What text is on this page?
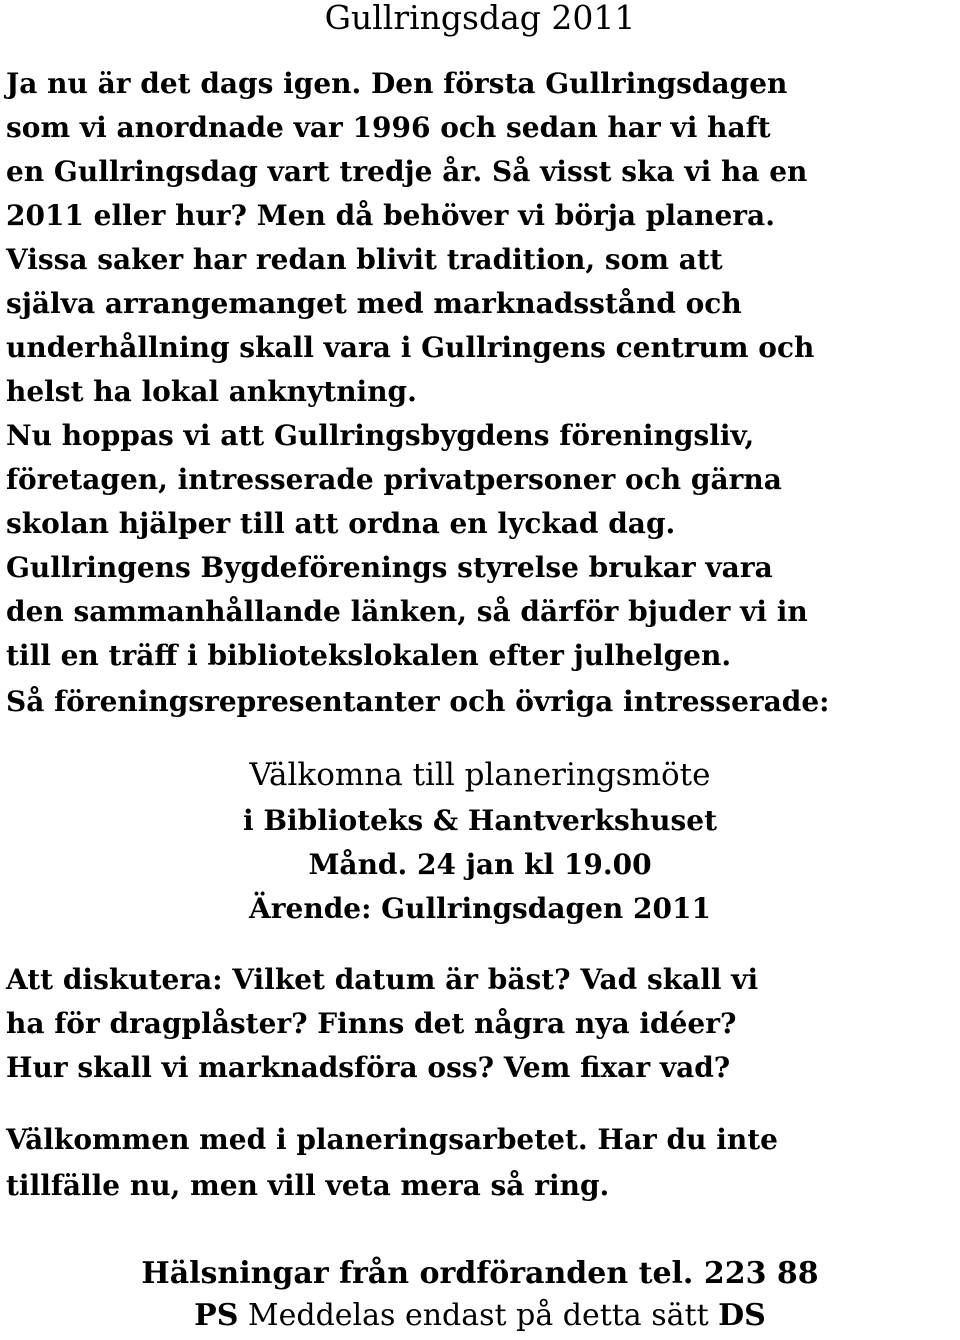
Gullringsdag 2011
Ja nu är det dags igen. Den första Gullringsdagen
som vi anordnade var 1996 och sedan har vi haft
en Gullringsdag vart tredje år. Så visst ska vi ha en
2011 eller hur? Men då behöver vi börja planera.
Vissa saker har redan blivit tradition, som att
själva arrangemanget med marknadsstånd och
underhållning skall vara i Gullringens centrum och
helst ha lokal anknytning.
Nu hoppas vi att Gullringsbygdens föreningsliv,
företagen, intresserade privatpersoner och gärna
skolan hjälper till att ordna en lyckad dag.
Gullringens Bygdeförenings styrelse brukar vara
den sammanhållande länken, så därför bjuder vi in
till en träff i bibliotekslokalen efter julhelgen.
Så föreningsrepresentanter och övriga intresserade:
Välkomna till planeringsmöte
i Biblioteks & Hantverkshuset
Månd. 24 jan kl 19.00
Ärende: Gullringsdagen 2011
Att diskutera: Vilket datum är bäst? Vad skall vi
ha för dragplåster? Finns det några nya idéer?
Hur skall vi marknadsföra oss? Vem fixar vad?
Välkommen med i planeringsarbetet. Har du inte
tillfälle nu, men vill veta mera så ring.
Hälsningar från ordföranden tel. 223 88
PS Meddelas endast på detta sätt DS
